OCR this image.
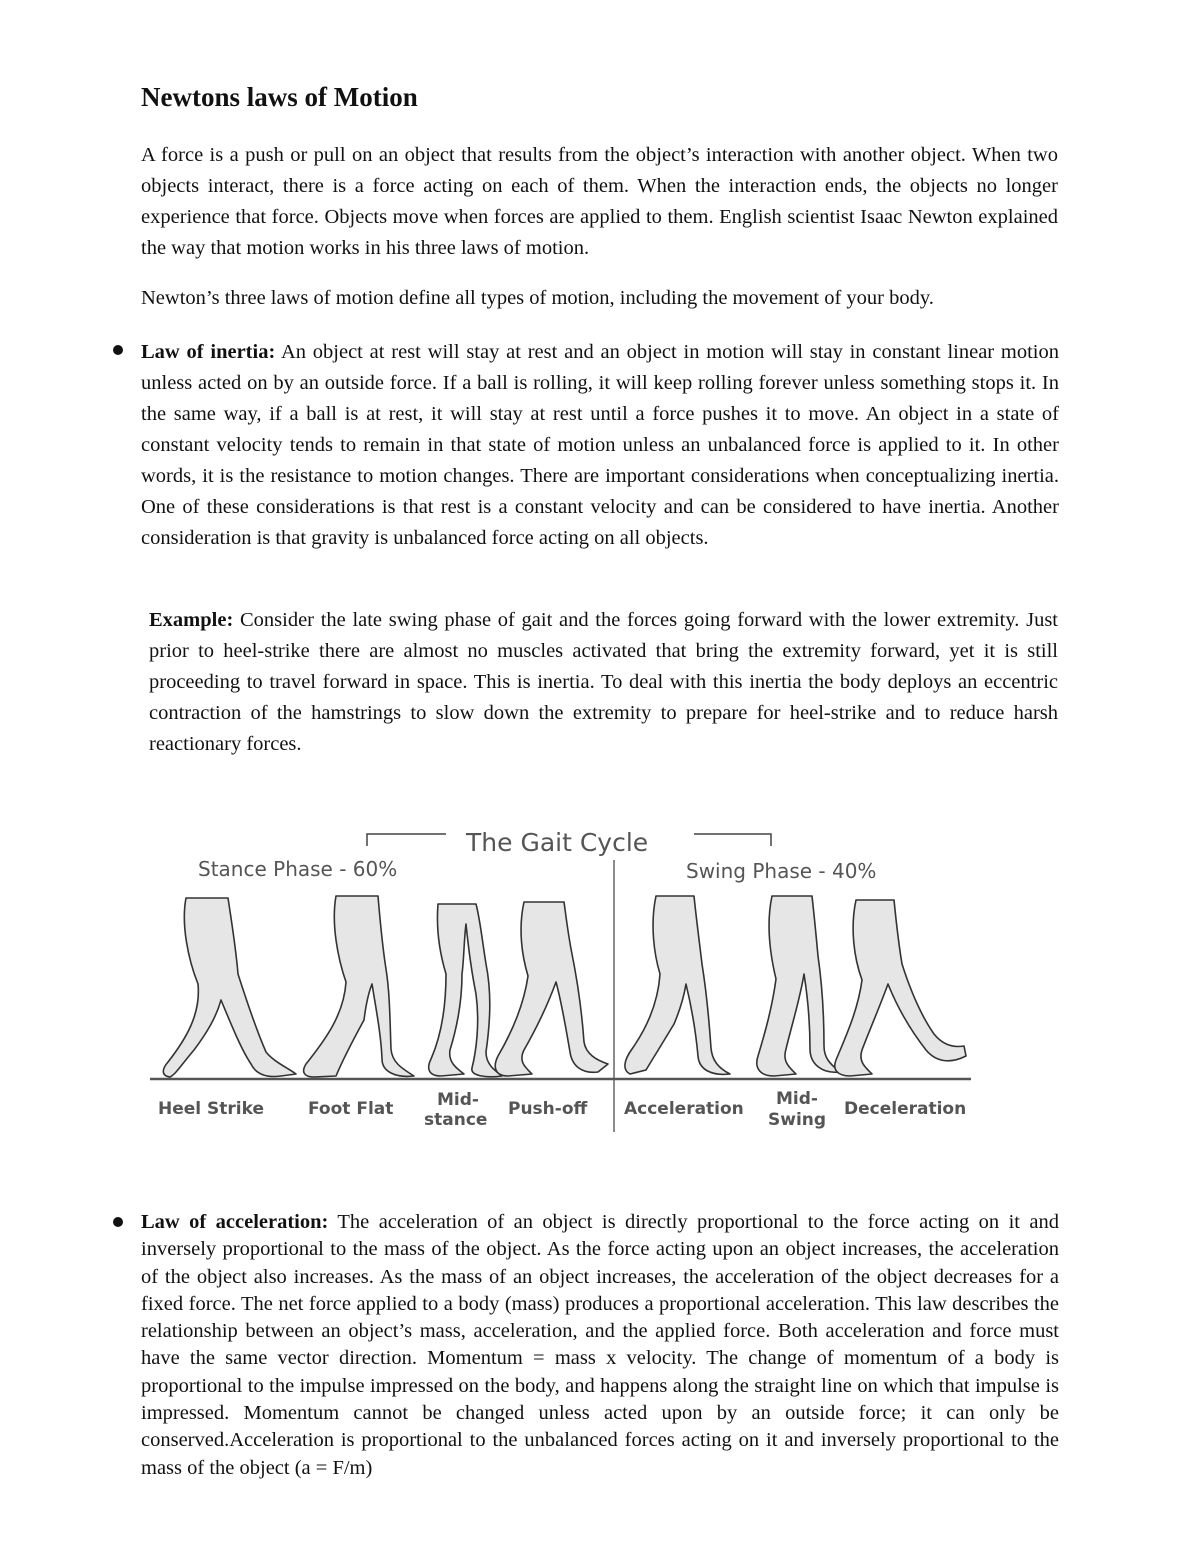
Newtons laws of Motion

A force is a push or pull on an object that results from the object’s interaction with another object. When two objects interact, there is a force acting on each of them. When the interaction ends, the objects no longer experience that force. Objects move when forces are applied to them. English scientist Isaac Newton explained the way that motion works in his three laws of motion.

Newton’s three laws of motion define all types of motion, including the movement of your body.

Law of inertia: An object at rest will stay at rest and an object in motion will stay in constant linear motion unless acted on by an outside force. If a ball is rolling, it will keep rolling forever unless something stops it. In the same way, if a ball is at rest, it will stay at rest until a force pushes it to move. An object in a state of constant velocity tends to remain in that state of motion unless an unbalanced force is applied to it. In other words, it is the resistance to motion changes. There are important considerations when conceptualizing inertia. One of these considerations is that rest is a constant velocity and can be considered to have inertia. Another consideration is that gravity is unbalanced force acting on all objects.

Example: Consider the late swing phase of gait and the forces going forward with the lower extremity. Just prior to heel-strike there are almost no muscles activated that bring the extremity forward, yet it is still proceeding to travel forward in space. This is inertia. To deal with this inertia the body deploys an eccentric contraction of the hamstrings to slow down the extremity to prepare for heel-strike and to reduce harsh reactionary forces.

The Gait Cycle
Stance Phase - 60%	Swing Phase - 40%
Heel Strike	Foot Flat	Mid-
stance
Push-off Acceleration Mid-
Swing
Deceleration

Law of acceleration: The acceleration of an object is directly proportional to the force acting on it and inversely proportional to the mass of the object. As the force acting upon an object increases, the acceleration of the object also increases. As the mass of an object increases, the acceleration of the object decreases for a fixed force. The net force applied to a body (mass) produces a proportional acceleration. This law describes the relationship between an object’s mass, acceleration, and the applied force. Both acceleration and force must have the same vector direction. Momentum = mass x velocity. The change of momentum of a body is proportional to the impulse impressed on the body, and happens along the straight line on which that impulse is impressed. Momentum cannot be changed unless acted upon by an outside force; it can only be conserved.Acceleration is proportional to the unbalanced forces acting on it and inversely proportional to the mass of the object (a = F/m)
